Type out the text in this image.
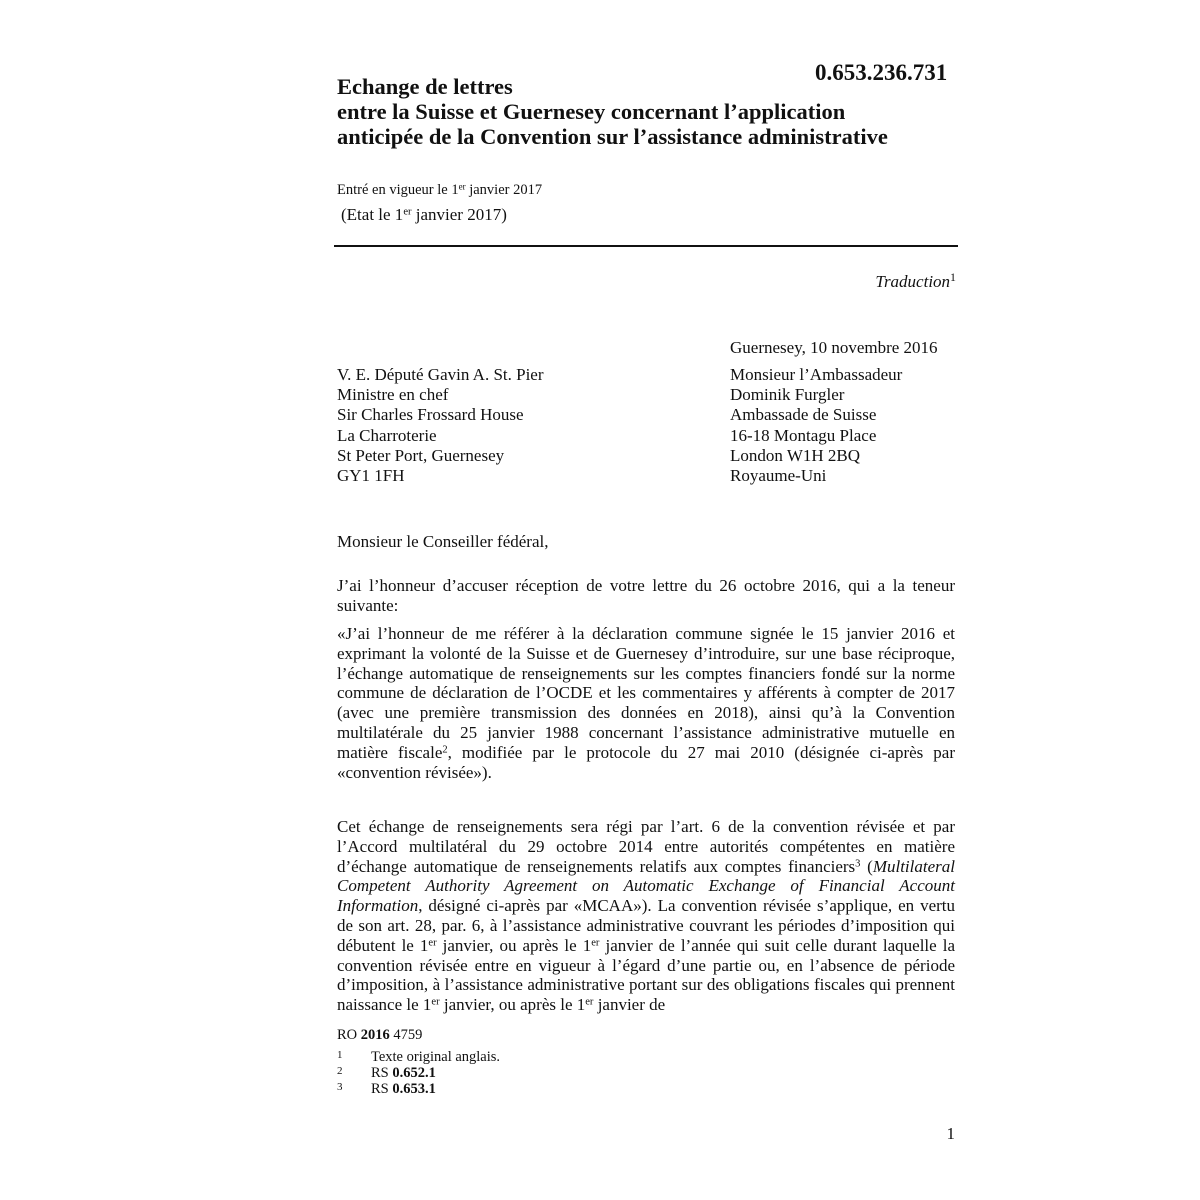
0.653.236.731
Echange de lettres
entre la Suisse et Guernesey concernant l’application
anticipée de la Convention sur l’assistance administrative
Entré en vigueur le 1er janvier 2017
(Etat le 1er janvier 2017)
Traduction$^1$
Guernesey, 10 novembre 2016
V. E. Député Gavin A. St. Pier
Ministre en chef
Sir Charles Frossard House
La Charroterie
St Peter Port, Guernesey
GY1 1FH
Monsieur l’Ambassadeur
Dominik Furgler
Ambassade de Suisse
16-18 Montagu Place
London W1H 2BQ
Royaume-Uni
Monsieur le Conseiller fédéral,
J’ai l’honneur d’accuser réception de votre lettre du 26 octobre 2016, qui a la teneur suivante:
«J’ai l’honneur de me référer à la déclaration commune signée le 15 janvier 2016 et exprimant la volonté de la Suisse et de Guernesey d’introduire, sur une base réciproque, l’échange automatique de renseignements sur les comptes financiers fondé sur la norme commune de déclaration de l’OCDE et les commentaires y afférents à compter de 2017 (avec une première transmission des données en 2018), ainsi qu’à la Convention multilatérale du 25 janvier 1988 concernant l’assistance administrative mutuelle en matière fiscale$^2$, modifiée par le protocole du 27 mai 2010 (désignée ci-après par «convention révisée»).
Cet échange de renseignements sera régi par l’art. 6 de la convention révisée et par l’Accord multilatéral du 29 octobre 2014 entre autorités compétentes en matière d’échange automatique de renseignements relatifs aux comptes financiers$^3$ (Multilateral Competent Authority Agreement on Automatic Exchange of Financial Account Information, désigné ci-après par «MCAA»). La convention révisée s’applique, en vertu de son art. 28, par. 6, à l’assistance administrative couvrant les périodes d’imposition qui débutent le 1er janvier, ou après le 1er janvier de l’année qui suit celle durant laquelle la convention révisée entre en vigueur à l’égard d’une partie ou, en l’absence de période d’imposition, à l’assistance administrative portant sur des obligations fiscales qui prennent naissance le 1er janvier, ou après le 1er janvier de
RO 2016 4759
1 Texte original anglais.
2 RS 0.652.1
3 RS 0.653.1
1
